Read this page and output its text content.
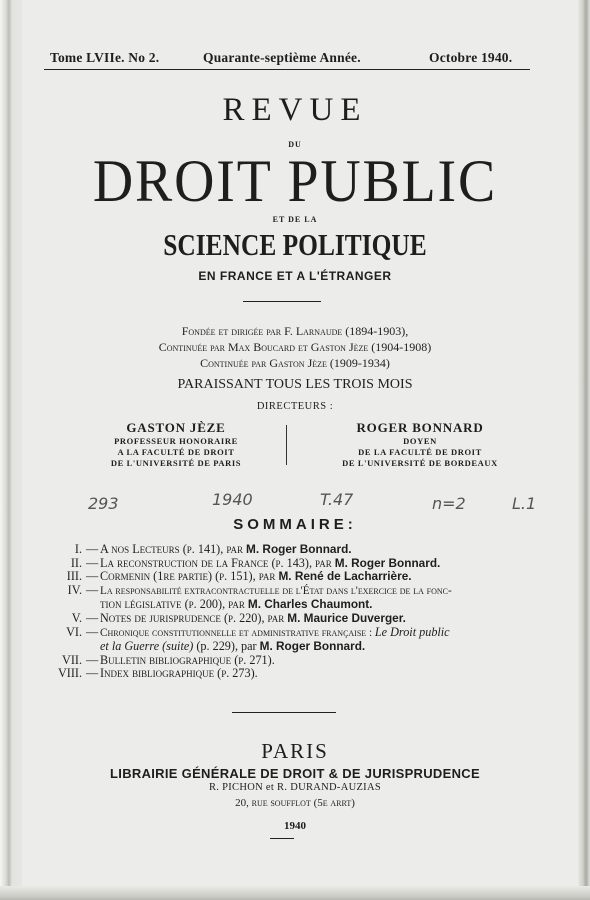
Tome LVIIe. No 2.	Quarante-septième Année.	Octobre 1940.
REVUE
DU
DROIT PUBLIC
ET DE LA
SCIENCE POLITIQUE
EN FRANCE ET A L'ÉTRANGER
Fondée et dirigée par F. Larnaude (1894-1903),
Continuée par Max Boucard et Gaston Jèze (1904-1908)
Continuée par Gaston Jèze (1909-1934)
PARAISSANT TOUS LES TROIS MOIS
DIRECTEURS :
GASTON JÈZE
PROFESSEUR HONORAIRE
A LA FACULTÉ DE DROIT
DE L'UNIVERSITÉ DE PARIS
ROGER BONNARD
DOYEN
DE LA FACULTÉ DE DROIT
DE L'UNIVERSITÉ DE BORDEAUX
293	1940	T.47	n=2	L.1
SOMMAIRE:
I. — A nos Lecteurs (p. 141), par M. Roger Bonnard.
II. — La reconstruction de la France (p. 143), par M. Roger Bonnard.
III. — Cormenin (1re partie) (p. 151), par M. René de Lacharrière.
IV. — La responsabilité extracontractuelle de l'État dans l'exercice de la fonc-
tion législative (p. 200), par M. Charles Chaumont.
V. — Notes de jurisprudence (p. 220), par M. Maurice Duverger.
VI. — Chronique constitutionnelle et administrative française : Le Droit public
et la Guerre (suite) (p. 229), par M. Roger Bonnard.
VII. — Bulletin bibliographique (p. 271).
VIII. — Index bibliographique (p. 273).
PARIS
LIBRAIRIE GÉNÉRALE DE DROIT & DE JURISPRUDENCE
R. PICHON et R. DURAND-AUZIAS
20, rue soufflot (5e arrt)
1940
